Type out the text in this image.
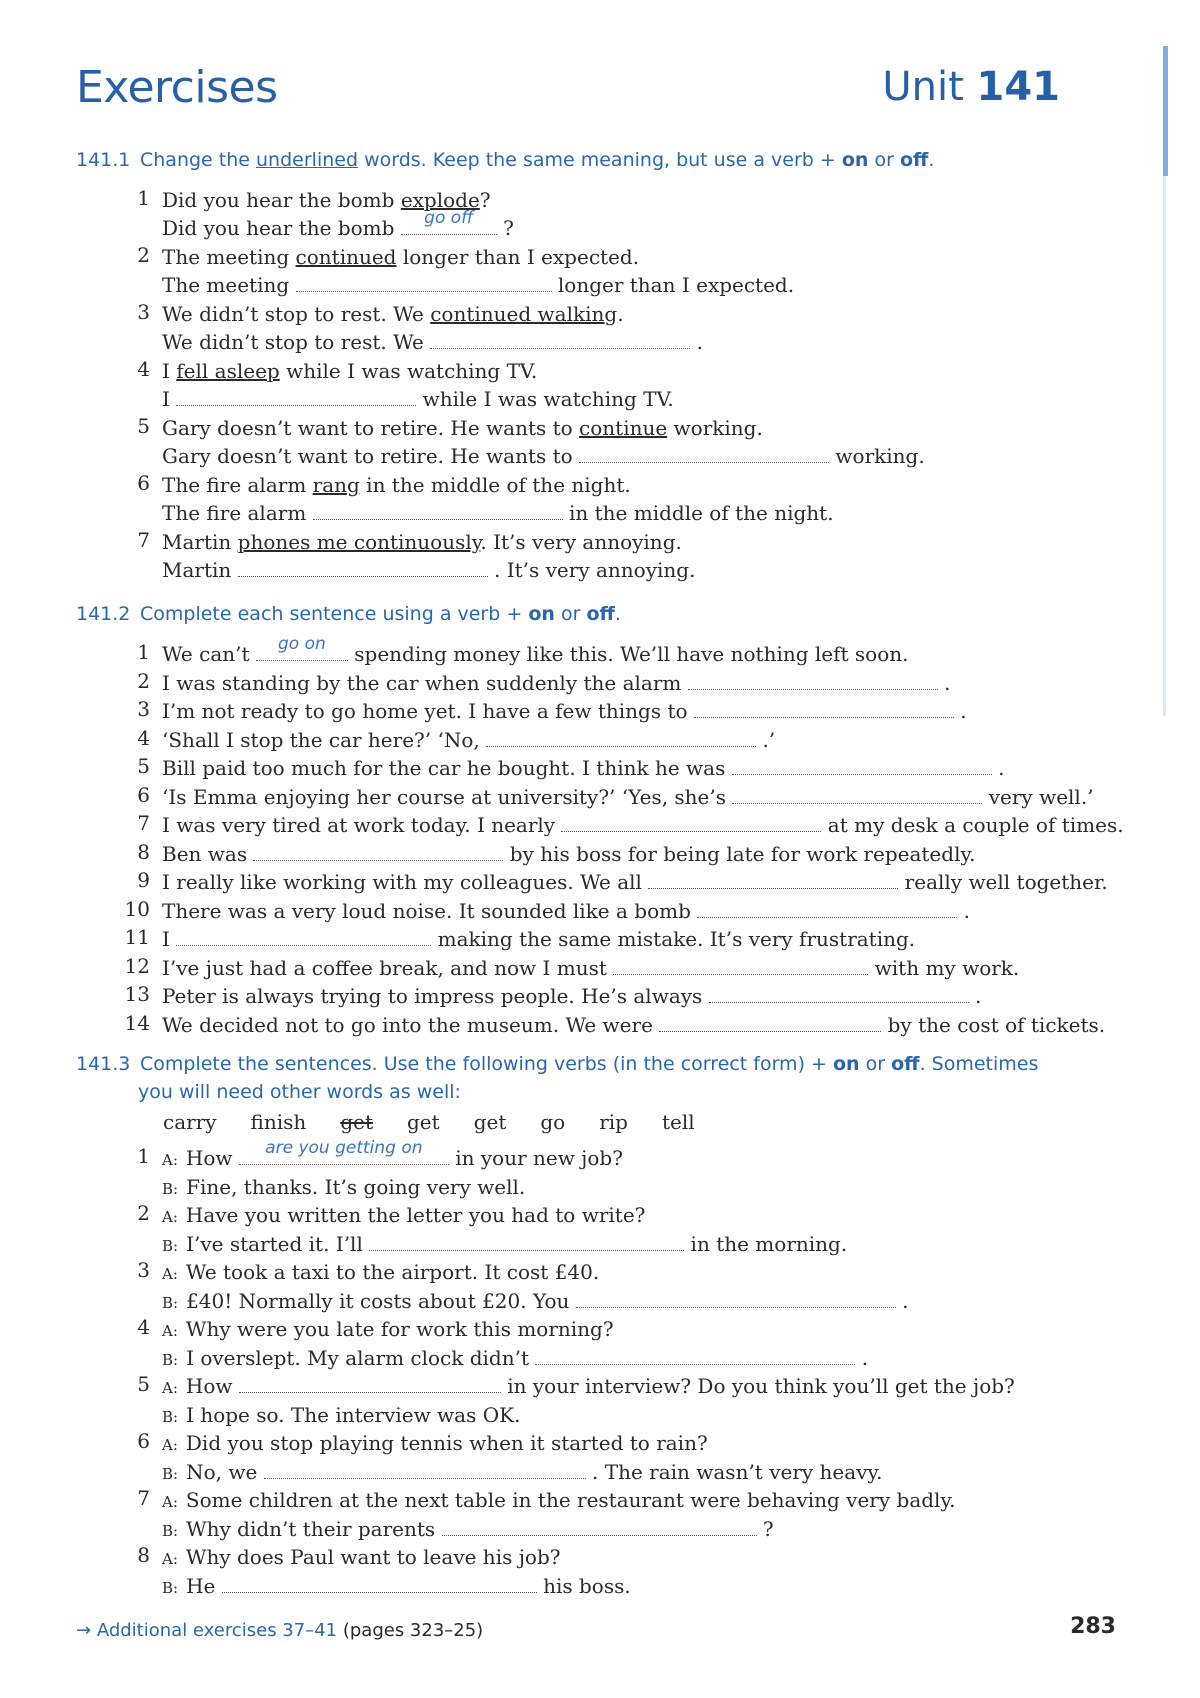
Exercises	Unit 141
141.1 Change the underlined words. Keep the same meaning, but use a verb + on or off.
1 Did you hear the bomb explode?
Did you hear the bomb	go off	?
2 The meeting continued longer than I expected.
The meeting	longer than I expected.
3 We didn’t stop to rest. We continued walking.
We didn’t stop to rest. We	.
4 I fell asleep while I was watching TV.
I	while I was watching TV.
5 Gary doesn’t want to retire. He wants to continue working.
Gary doesn’t want to retire. He wants to	working.
6 The fire alarm rang in the middle of the night.
The fire alarm	in the middle of the night.
7 Martin phones me continuously. It’s very annoying.
Martin	. It’s very annoying.
141.2 Complete each sentence using a verb + on or off.
1 We can’t	go on	spending money like this. We’ll have nothing left soon.
2 I was standing by the car when suddenly the alarm	.
3 I’m not ready to go home yet. I have a few things to	.
4 ‘Shall I stop the car here?’ ‘No,	.’
5 Bill paid too much for the car he bought. I think he was	.
6 ‘Is Emma enjoying her course at university?’ ‘Yes, she’s	very well.’
7 I was very tired at work today. I nearly	at my desk a couple of times.
8 Ben was	by his boss for being late for work repeatedly.
9 I really like working with my colleagues. We all	really well together.
10 There was a very loud noise. It sounded like a bomb	.
11 I	making the same mistake. It’s very frustrating.
12 I’ve just had a coffee break, and now I must	with my work.
13 Peter is always trying to impress people. He’s always	.
14 We decided not to go into the museum. We were	by the cost of tickets.
141.3 Complete the sentences. Use the following verbs (in the correct form) + on or off. Sometimes
you will need other words as well:
carry finish get get get go rip tell
1 A: How	are you getting on	in your new job?
B: Fine, thanks. It’s going very well.
2 A: Have you written the letter you had to write?
B: I’ve started it. I’ll	in the morning.
3 A: We took a taxi to the airport. It cost £40.
B: £40! Normally it costs about £20. You	.
4 A: Why were you late for work this morning?
B: I overslept. My alarm clock didn’t	.
5 A: How	in your interview? Do you think you’ll get the job?
B: I hope so. The interview was OK.
6 A: Did you stop playing tennis when it started to rain?
B: No, we	. The rain wasn’t very heavy.
7 A: Some children at the next table in the restaurant were behaving very badly.
B: Why didn’t their parents	?
8 A: Why does Paul want to leave his job?
B: He	his boss.
→ Additional exercises 37–41 (pages 323–25)	283
